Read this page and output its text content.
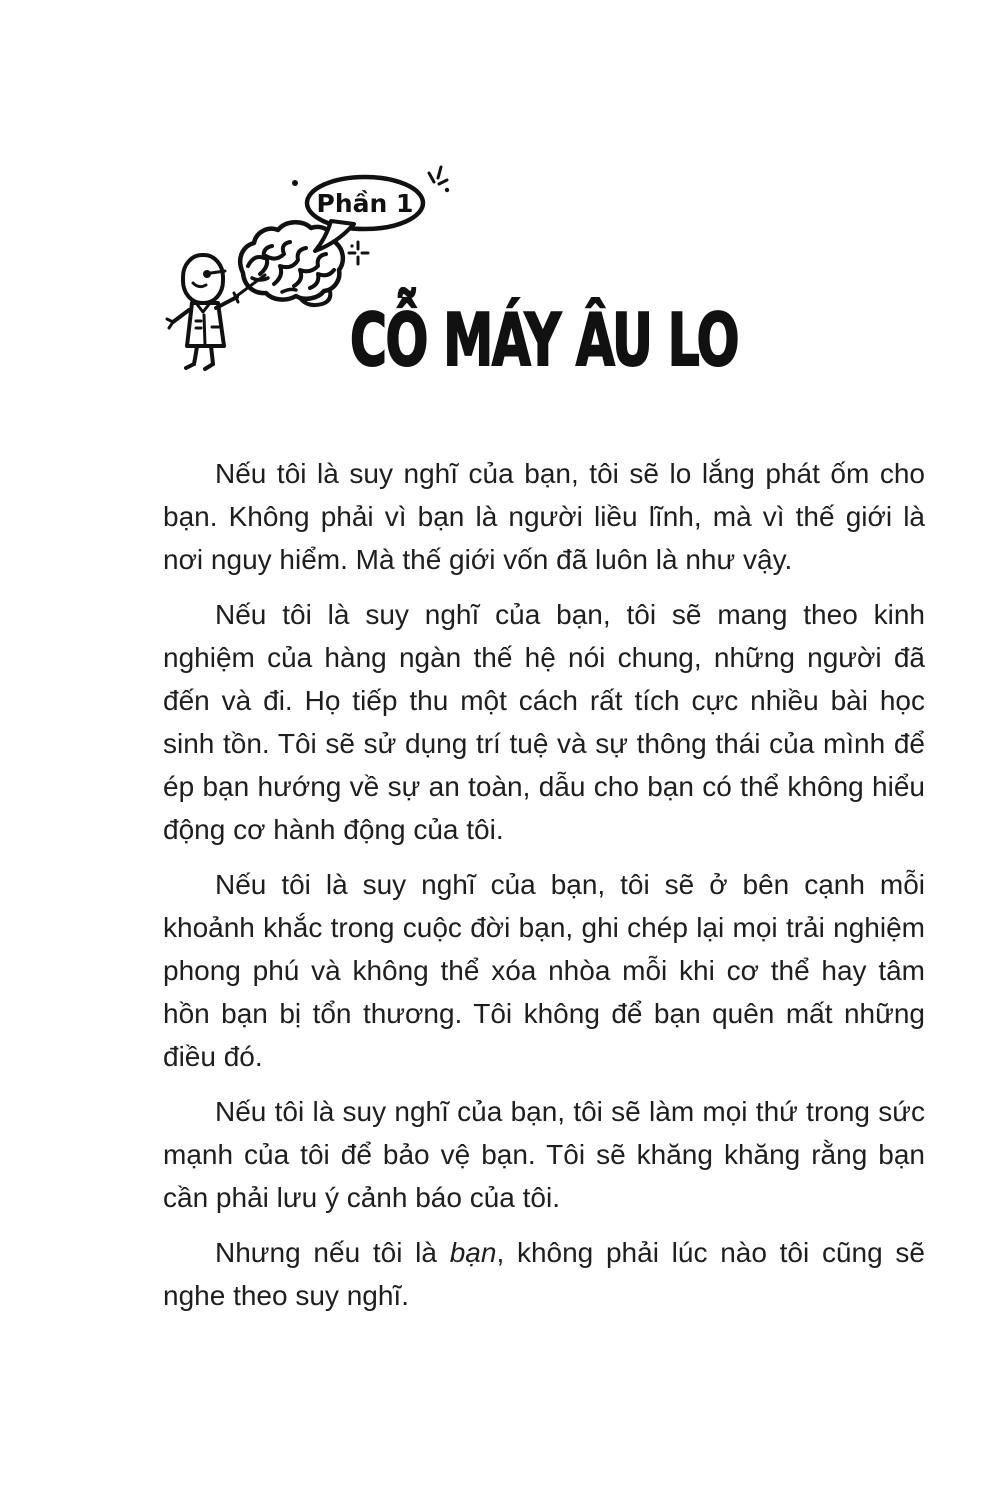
Phần 1
CỖ MÁY ÂU LO

Nếu tôi là suy nghĩ của bạn, tôi sẽ lo lắng phát ốm cho bạn. Không phải vì bạn là người liều lĩnh, mà vì thế giới là nơi nguy hiểm. Mà thế giới vốn đã luôn là như vậy.

Nếu tôi là suy nghĩ của bạn, tôi sẽ mang theo kinh nghiệm của hàng ngàn thế hệ nói chung, những người đã đến và đi. Họ tiếp thu một cách rất tích cực nhiều bài học sinh tồn. Tôi sẽ sử dụng trí tuệ và sự thông thái của mình để ép bạn hướng về sự an toàn, dẫu cho bạn có thể không hiểu động cơ hành động của tôi.

Nếu tôi là suy nghĩ của bạn, tôi sẽ ở bên cạnh mỗi khoảnh khắc trong cuộc đời bạn, ghi chép lại mọi trải nghiệm phong phú và không thể xóa nhòa mỗi khi cơ thể hay tâm hồn bạn bị tổn thương. Tôi không để bạn quên mất những điều đó.

Nếu tôi là suy nghĩ của bạn, tôi sẽ làm mọi thứ trong sức mạnh của tôi để bảo vệ bạn. Tôi sẽ khăng khăng rằng bạn cần phải lưu ý cảnh báo của tôi.

Nhưng nếu tôi là bạn, không phải lúc nào tôi cũng sẽ nghe theo suy nghĩ.
